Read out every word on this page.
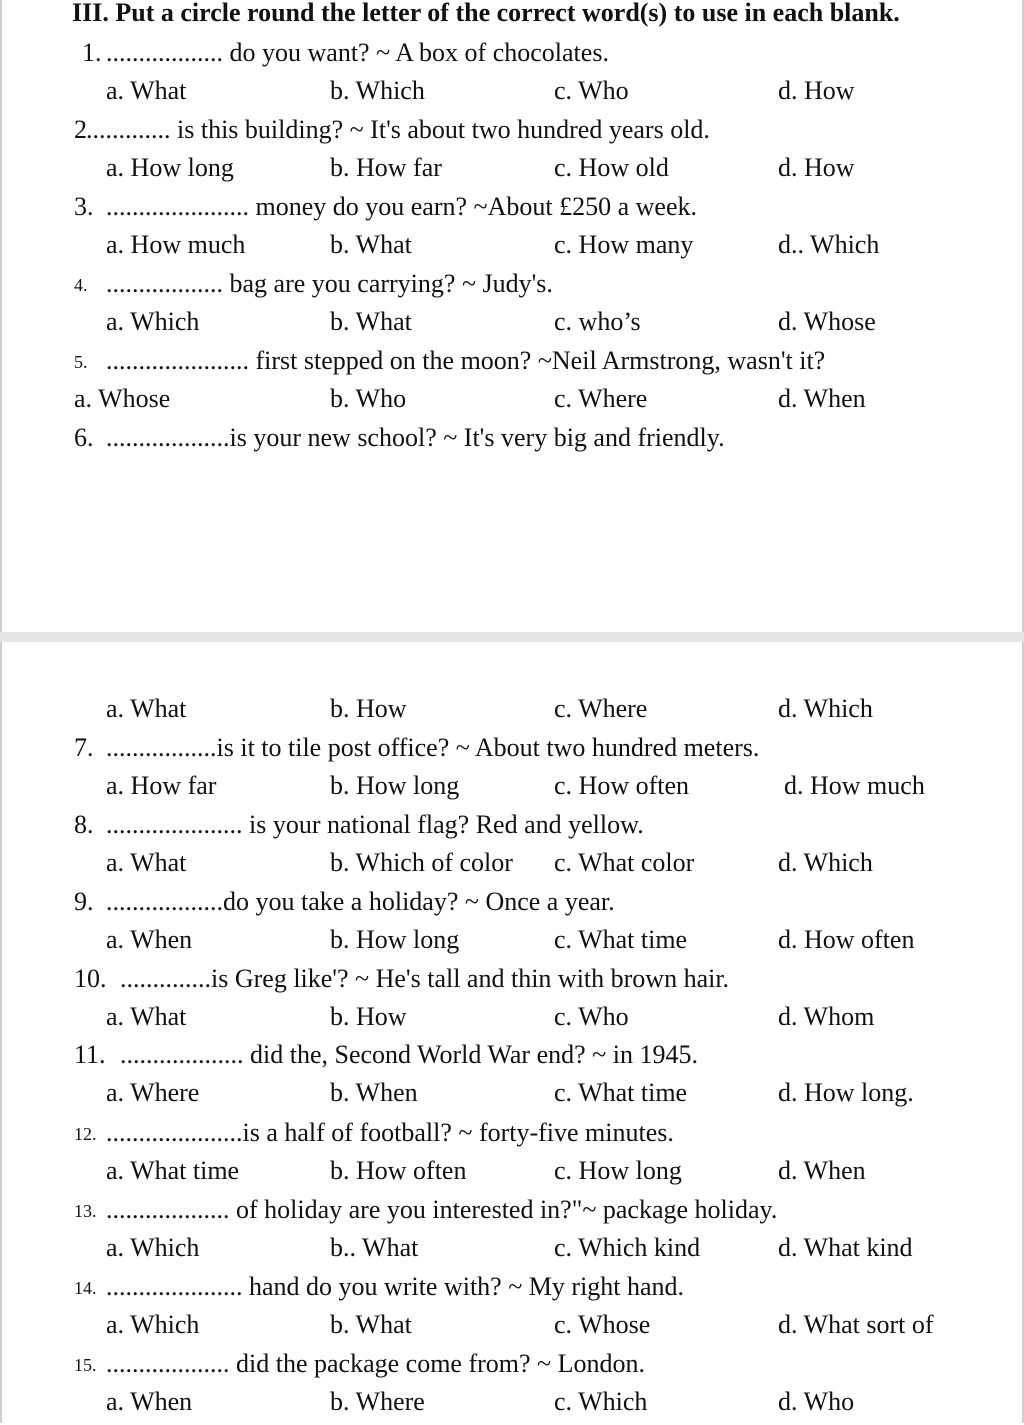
III. Put a circle round the letter of the correct word(s) to use in each blank.
1. .................. do you want? ~ A box of chocolates.
a. What	b. Which	c. Who	d. How
2 ............. is this building? ~ It's about two hundred years old.
a. How long	b. How far	c. How old	d. How
3. ...................... money do you earn? ~About £250 a week.
a. How much	b. What	c. How many	d.. Which
4. .................. bag are you carrying? ~ Judy's.
a. Which	b. What	c. who’s	d. Whose
5. ...................... first stepped on the moon? ~Neil Armstrong, wasn't it?
a. Whose	b. Who	c. Where	d. When
6. ...................is your new school? ~ It's very big and friendly.
a. What	b. How	c. Where	d. Which
7. .................is it to tile post office? ~ About two hundred meters.
a. How far	b. How long	c. How often	d. How much
8. ..................... is your national flag? Red and yellow.
a. What	b. Which of color c. What color	d. Which
9. ..................do you take a holiday? ~ Once a year.
a. When	b. How long	c. What time	d. How often
10. ..............is Greg like'? ~ He's tall and thin with brown hair.
a. What	b. How	c. Who	d. Whom
11. ................... did the, Second World War end? ~ in 1945.
a. Where	b. When	c. What time	d. How long.
12. .....................is a half of football? ~ forty-five minutes.
a. What time	b. How often	c. How long	d. When
13. ................... of holiday are you interested in?"~ package holiday.
a. Which	b.. What	c. Which kind	d. What kind
14. ..................... hand do you write with? ~ My right hand.
a. Which	b. What	c. Whose	d. What sort of
15. ................... did the package come from? ~ London.
a. When	b. Where	c. Which	d. Who
